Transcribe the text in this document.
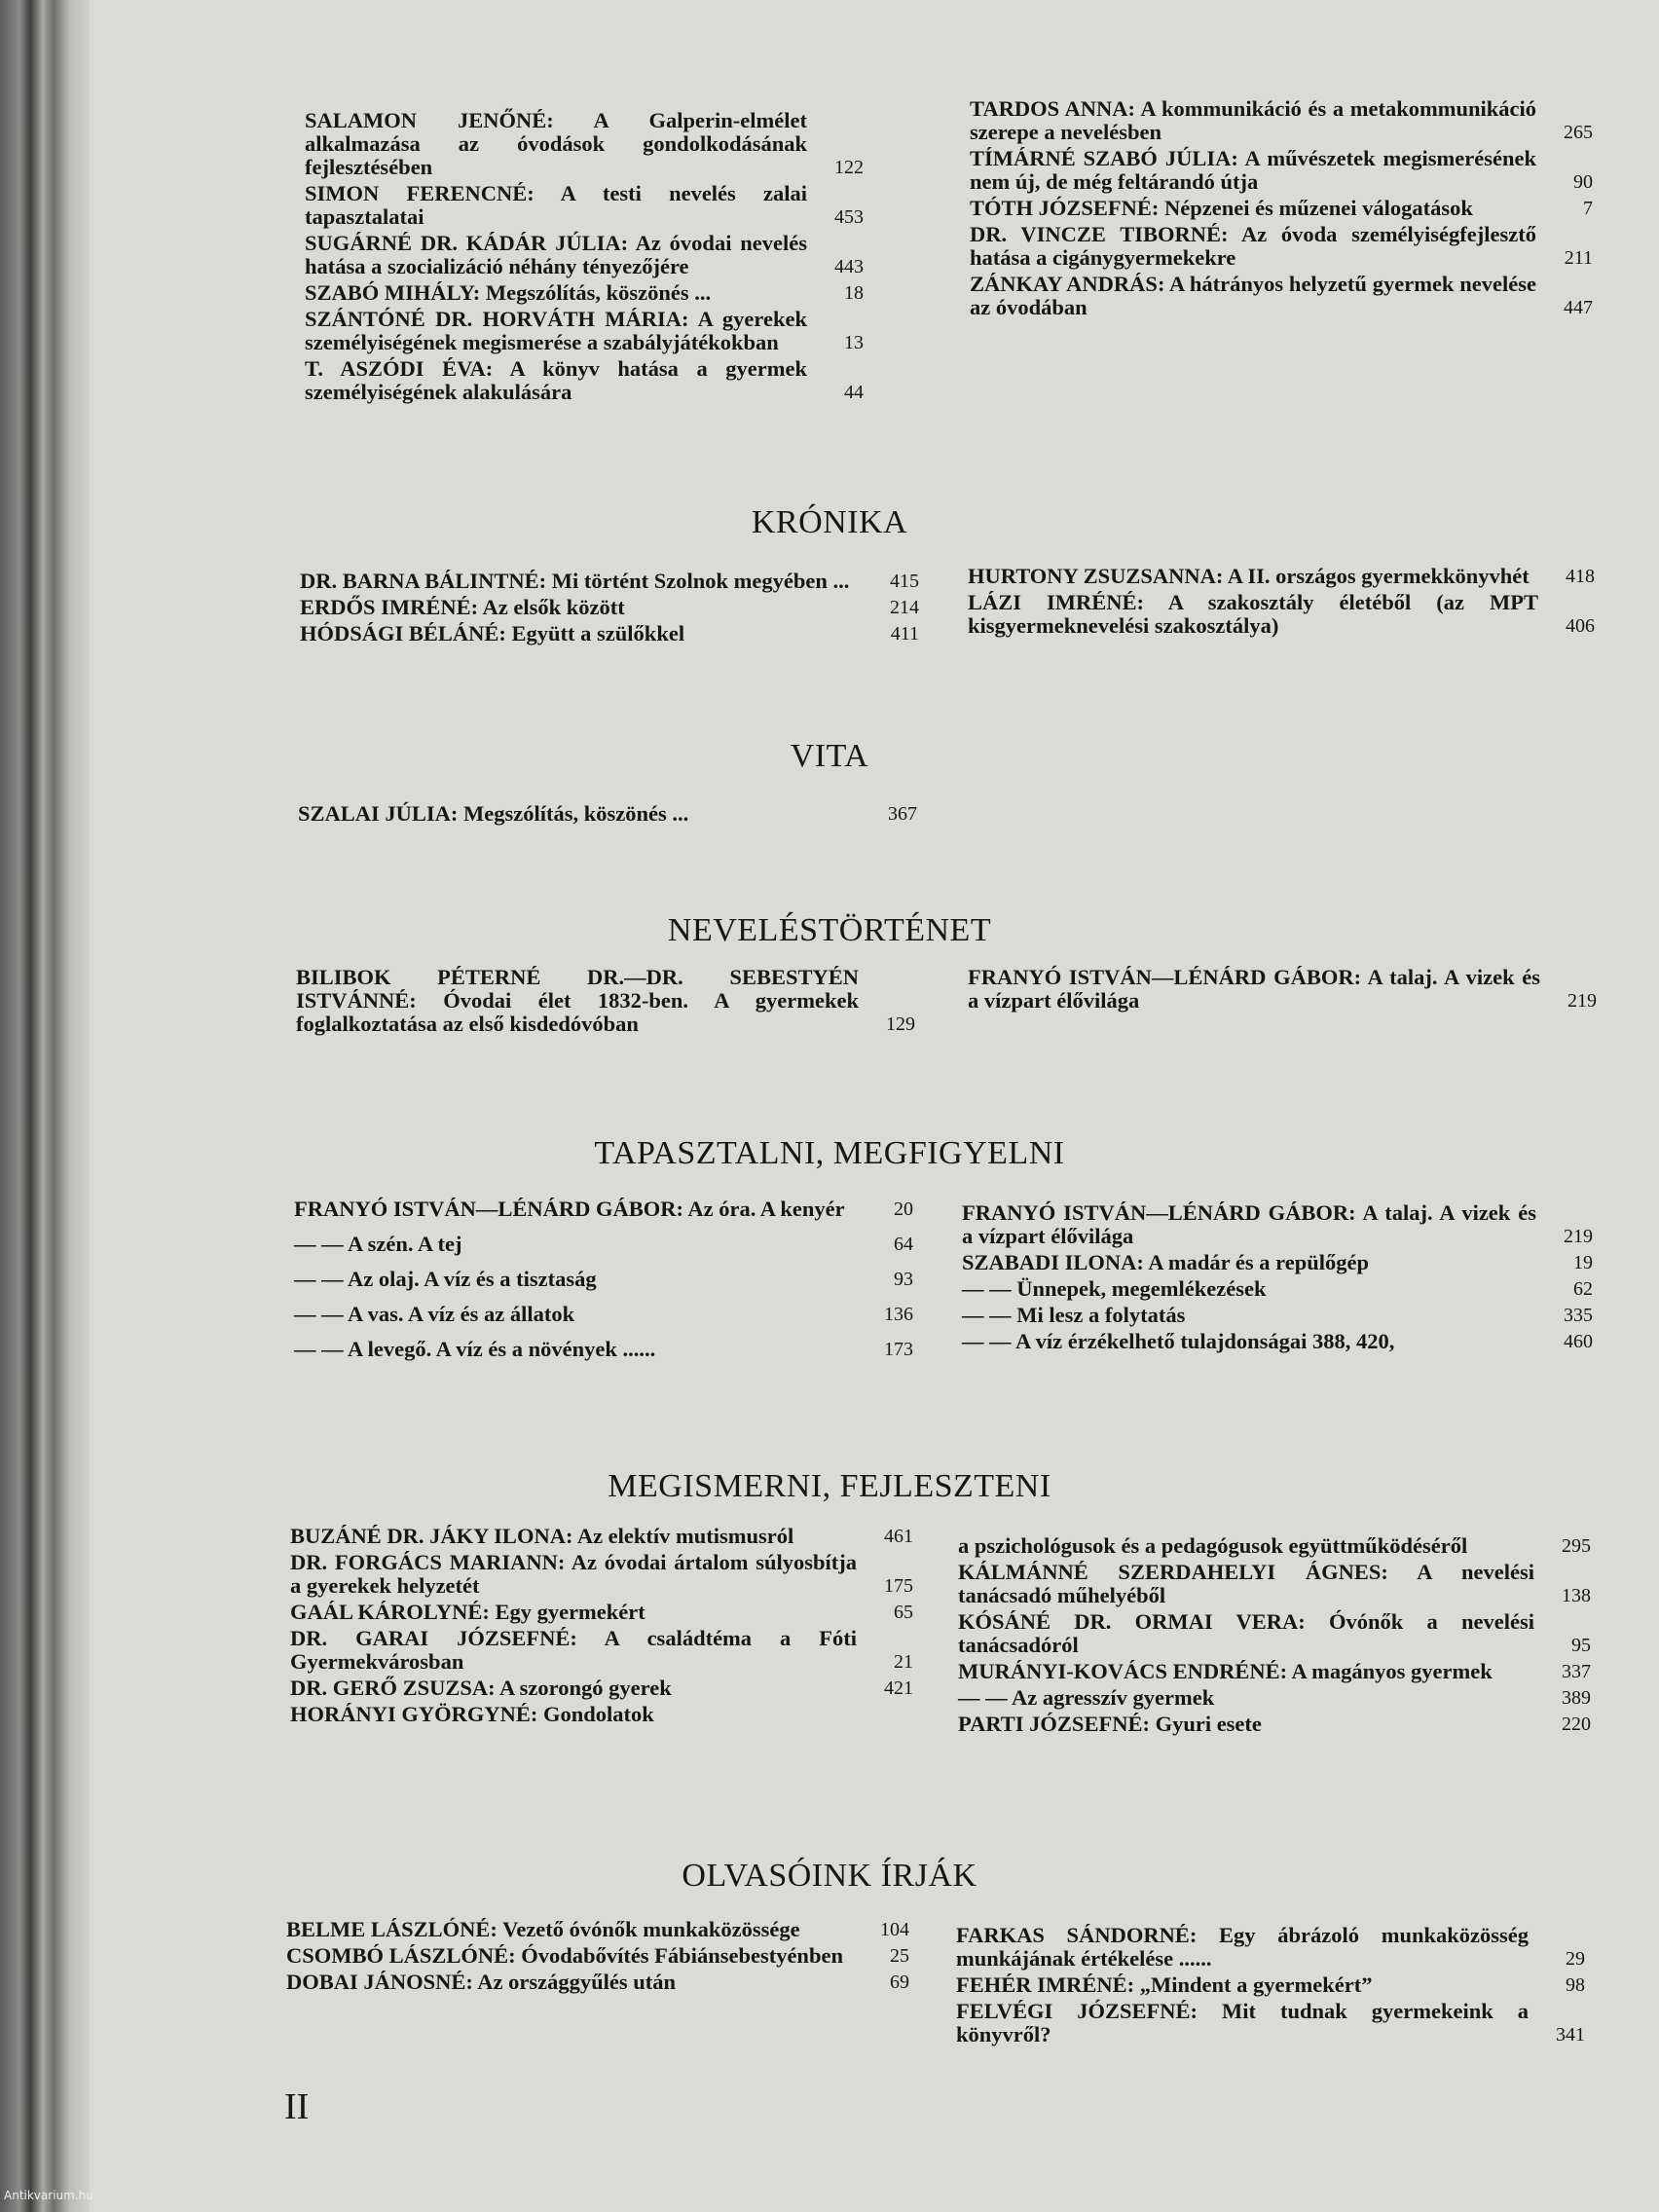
SALAMON JENŐNÉ: A Galperin-elmélet alkalmazása az óvodások gondolkodásának fejlesztésében	122
SIMON FERENCNÉ: A testi nevelés zalai tapasztalatai	453
SUGÁRNÉ DR. KÁDÁR JÚLIA: Az óvodai nevelés hatása a szocializáció néhány tényezőjére	443
SZABÓ MIHÁLY: Megszólítás, köszönés ...	18
SZÁNTÓNÉ DR. HORVÁTH MÁRIA: A gyerekek személyiségének megismerése a szabályjátékokban	13
T. ASZÓDI ÉVA: A könyv hatása a gyermek személyiségének alakulására	44
TARDOS ANNA: A kommunikáció és a metakommunikáció szerepe a nevelésben	265
TÍMÁRNÉ SZABÓ JÚLIA: A művészetek megismerésének nem új, de még feltárandó útja	90
TÓTH JÓZSEFNÉ: Népzenei és műzenei válogatások	7
DR. VINCZE TIBORNÉ: Az óvoda személyiségfejlesztő hatása a cigánygyermekekre	211
ZÁNKAY ANDRÁS: A hátrányos helyzetű gyermek nevelése az óvodában	447
KRÓNIKA
DR. BARNA BÁLINTNÉ: Mi történt Szolnok megyében ... 415
ERDŐS IMRÉNÉ: Az elsők között	214
HÓDSÁGI BÉLÁNÉ: Együtt a szülőkkel	411
HURTONY ZSUZSANNA: A II. országos gyermekkönyvhét 418
LÁZI IMRÉNÉ: A szakosztály életéből (az MPT kisgyermeknevelési szakosztálya)	406
VITA
SZALAI JÚLIA: Megszólítás, köszönés ...	367
NEVELÉSTÖRTÉNET
BILIBOK PÉTERNÉ DR.—DR. SEBESTYÉN ISTVÁNNÉ: Óvodai élet 1832-ben. A gyermekek foglalkoztatása az első kisdedóvóban	129
FRANYÓ ISTVÁN—LÉNÁRD GÁBOR: A talaj. A vizek és a vízpart élővilága	219
TAPASZTALNI, MEGFIGYELNI
FRANYÓ ISTVÁN—LÉNÁRD GÁBOR: Az óra. A kenyér	20
— — A szén. A tej	64
— — Az olaj. A víz és a tisztaság	93
— — A vas. A víz és az állatok	136
— — A levegő. A víz és a növények ......	173
FRANYÓ ISTVÁN—LÉNÁRD GÁBOR: A talaj. A vizek és a vízpart élővilága	219
SZABADI ILONA: A madár és a repülőgép	19
— — Ünnepek, megemlékezések	62
— — Mi lesz a folytatás	335
— — A víz érzékelhető tulajdonságai 388, 420,	460
MEGISMERNI, FEJLESZTENI
BUZÁNÉ DR. JÁKY ILONA: Az elektív mutismusról	461
DR. FORGÁCS MARIANN: Az óvodai ártalom súlyosbítja a gyerekek helyzetét	175
GAÁL KÁROLYNÉ: Egy gyermekért	65
DR. GARAI JÓZSEFNÉ: A családtéma a Fóti Gyermekvárosban	21
DR. GERŐ ZSUZSA: A szorongó gyerek	421
HORÁNYI GYÖRGYNÉ: Gondolatok
a pszichológusok és a pedagógusok együttműködéséről	295
KÁLMÁNNÉ SZERDAHELYI ÁGNES: A nevelési tanácsadó műhelyéből	138
KÓSÁNÉ DR. ORMAI VERA: Óvónők a nevelési tanácsadóról	95
MURÁNYI-KOVÁCS ENDRÉNÉ: A magányos gyermek	337
— — Az agresszív gyermek	389
PARTI JÓZSEFNÉ: Gyuri esete	220
OLVASÓINK ÍRJÁK
BELME LÁSZLÓNÉ: Vezető óvónők munkaközössége	104
CSOMBÓ LÁSZLÓNÉ: Óvodabővítés Fábiánsebestyénben 25
DOBAI JÁNOSNÉ: Az országgyűlés után	69
FARKAS SÁNDORNÉ: Egy ábrázoló munkaközösség munkájának értékelése ......	29
FEHÉR IMRÉNÉ: „Mindent a gyermekért”	98
FELVÉGI JÓZSEFNÉ: Mit tudnak gyermekeink a könyvről?	341
II
Antikvarium.hu
